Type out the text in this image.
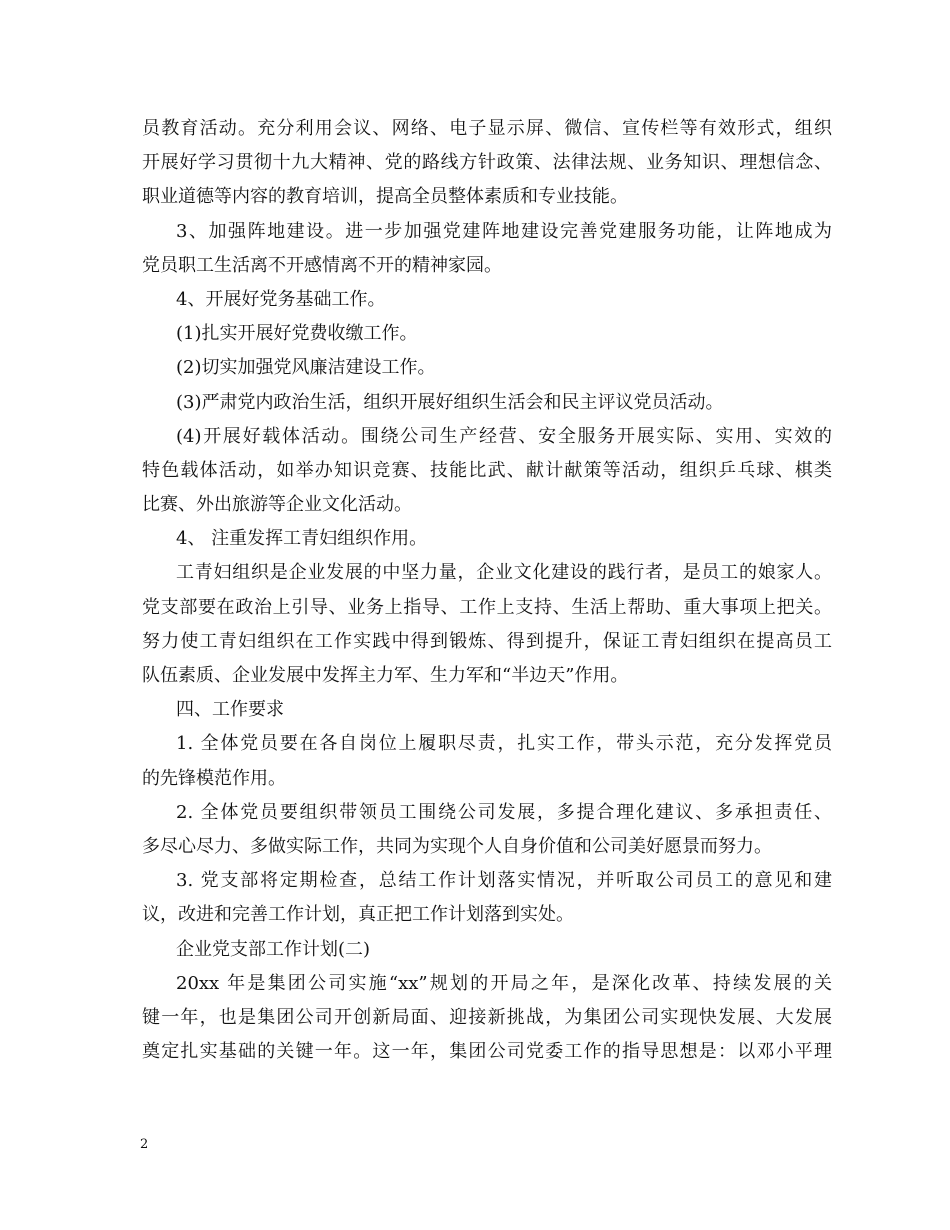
员教育活动。充分利用会议、网络、电子显示屏、微信、宣传栏等有效形式，组织
开展好学习贯彻十九大精神、党的路线方针政策、法律法规、业务知识、理想信念、
职业道德等内容的教育培训，提高全员整体素质和专业技能。
3、加强阵地建设。进一步加强党建阵地建设完善党建服务功能，让阵地成为
党员职工生活离不开感情离不开的精神家园。
4、开展好党务基础工作。
(1)扎实开展好党费收缴工作。
(2)切实加强党风廉洁建设工作。
(3)严肃党内政治生活，组织开展好组织生活会和民主评议党员活动。
(4)开展好载体活动。围绕公司生产经营、安全服务开展实际、实用、实效的
特色载体活动，如举办知识竞赛、技能比武、献计献策等活动，组织乒乓球、棋类
比赛、外出旅游等企业文化活动。
4、 注重发挥工青妇组织作用。
工青妇组织是企业发展的中坚力量，企业文化建设的践行者，是员工的娘家人。
党支部要在政治上引导、业务上指导、工作上支持、生活上帮助、重大事项上把关。
努力使工青妇组织在工作实践中得到锻炼、得到提升，保证工青妇组织在提高员工
队伍素质、企业发展中发挥主力军、生力军和“半边天”作用。
四、工作要求
1. 全体党员要在各自岗位上履职尽责，扎实工作，带头示范，充分发挥党员
的先锋模范作用。
2. 全体党员要组织带领员工围绕公司发展，多提合理化建议、多承担责任、
多尽心尽力、多做实际工作，共同为实现个人自身价值和公司美好愿景而努力。
3. 党支部将定期检查，总结工作计划落实情况，并听取公司员工的意见和建
议，改进和完善工作计划，真正把工作计划落到实处。
企业党支部工作计划(二)
20xx 年是集团公司实施“xx”规划的开局之年，是深化改革、持续发展的关
键一年，也是集团公司开创新局面、迎接新挑战，为集团公司实现快发展、大发展
奠定扎实基础的关键一年。这一年，集团公司党委工作的指导思想是：以邓小平理
2
